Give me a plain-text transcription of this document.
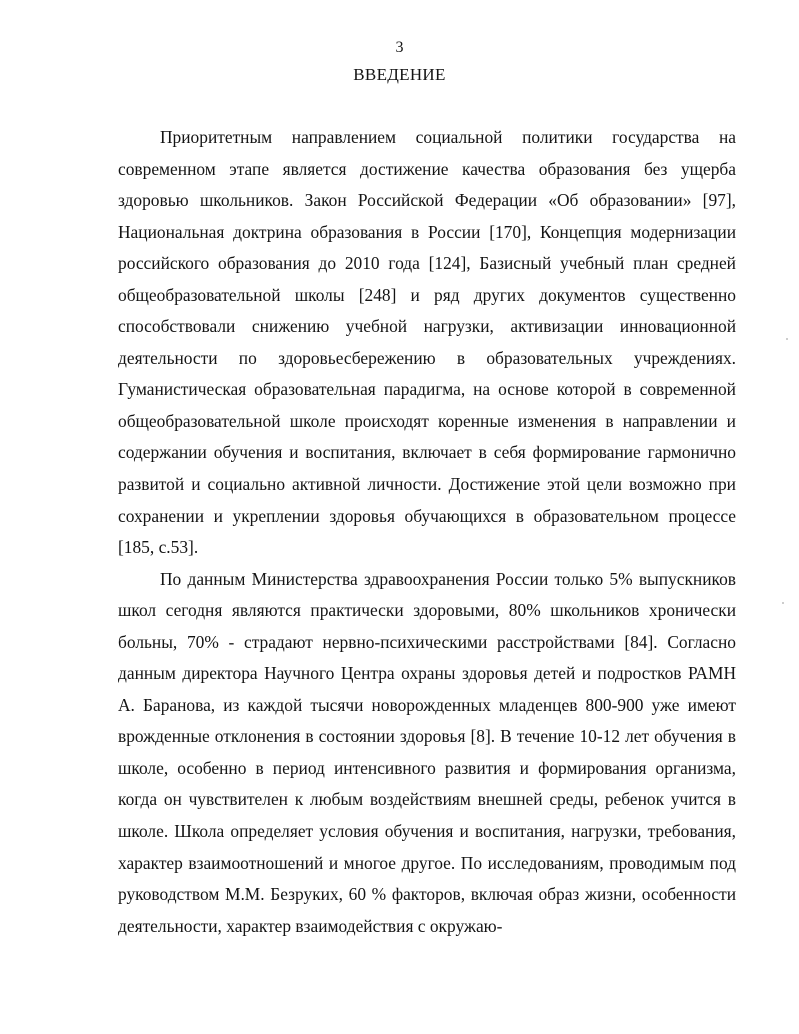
3
ВВЕДЕНИЕ

Приоритетным направлением социальной политики государства на современном этапе является достижение качества образования без ущерба здоровью школьников. Закон Российской Федерации «Об образовании» [97], Национальная доктрина образования в России [170], Концепция модернизации российского образования до 2010 года [124], Базисный учебный план средней общеобразовательной школы [248] и ряд других документов существенно способствовали снижению учебной нагрузки, активизации инновационной деятельности по здоровьесбережению в образовательных учреждениях. Гуманистическая образовательная парадигма, на основе которой в современной общеобразовательной школе происходят коренные изменения в направлении и содержании обучения и воспитания, включает в себя формирование гармонично развитой и социально активной личности. Достижение этой цели возможно при сохранении и укреплении здоровья обучающихся в образовательном процессе [185, с.53].

По данным Министерства здравоохранения России только 5% выпускников школ сегодня являются практически здоровыми, 80% школьников хронически больны, 70% - страдают нервно-психическими расстройствами [84]. Согласно данным директора Научного Центра охраны здоровья детей и подростков РАМН А. Баранова, из каждой тысячи новорожденных младенцев 800-900 уже имеют врожденные отклонения в состоянии здоровья [8]. В течение 10-12 лет обучения в школе, особенно в период интенсивного развития и формирования организма, когда он чувствителен к любым воздействиям внешней среды, ребенок учится в школе. Школа определяет условия обучения и воспитания, нагрузки, требования, характер взаимоотношений и многое другое. По исследованиям, проводимым под руководством М.М. Безруких, 60 % факторов, включая образ жизни, особенности деятельности, характер взаимодействия с окружаю-
